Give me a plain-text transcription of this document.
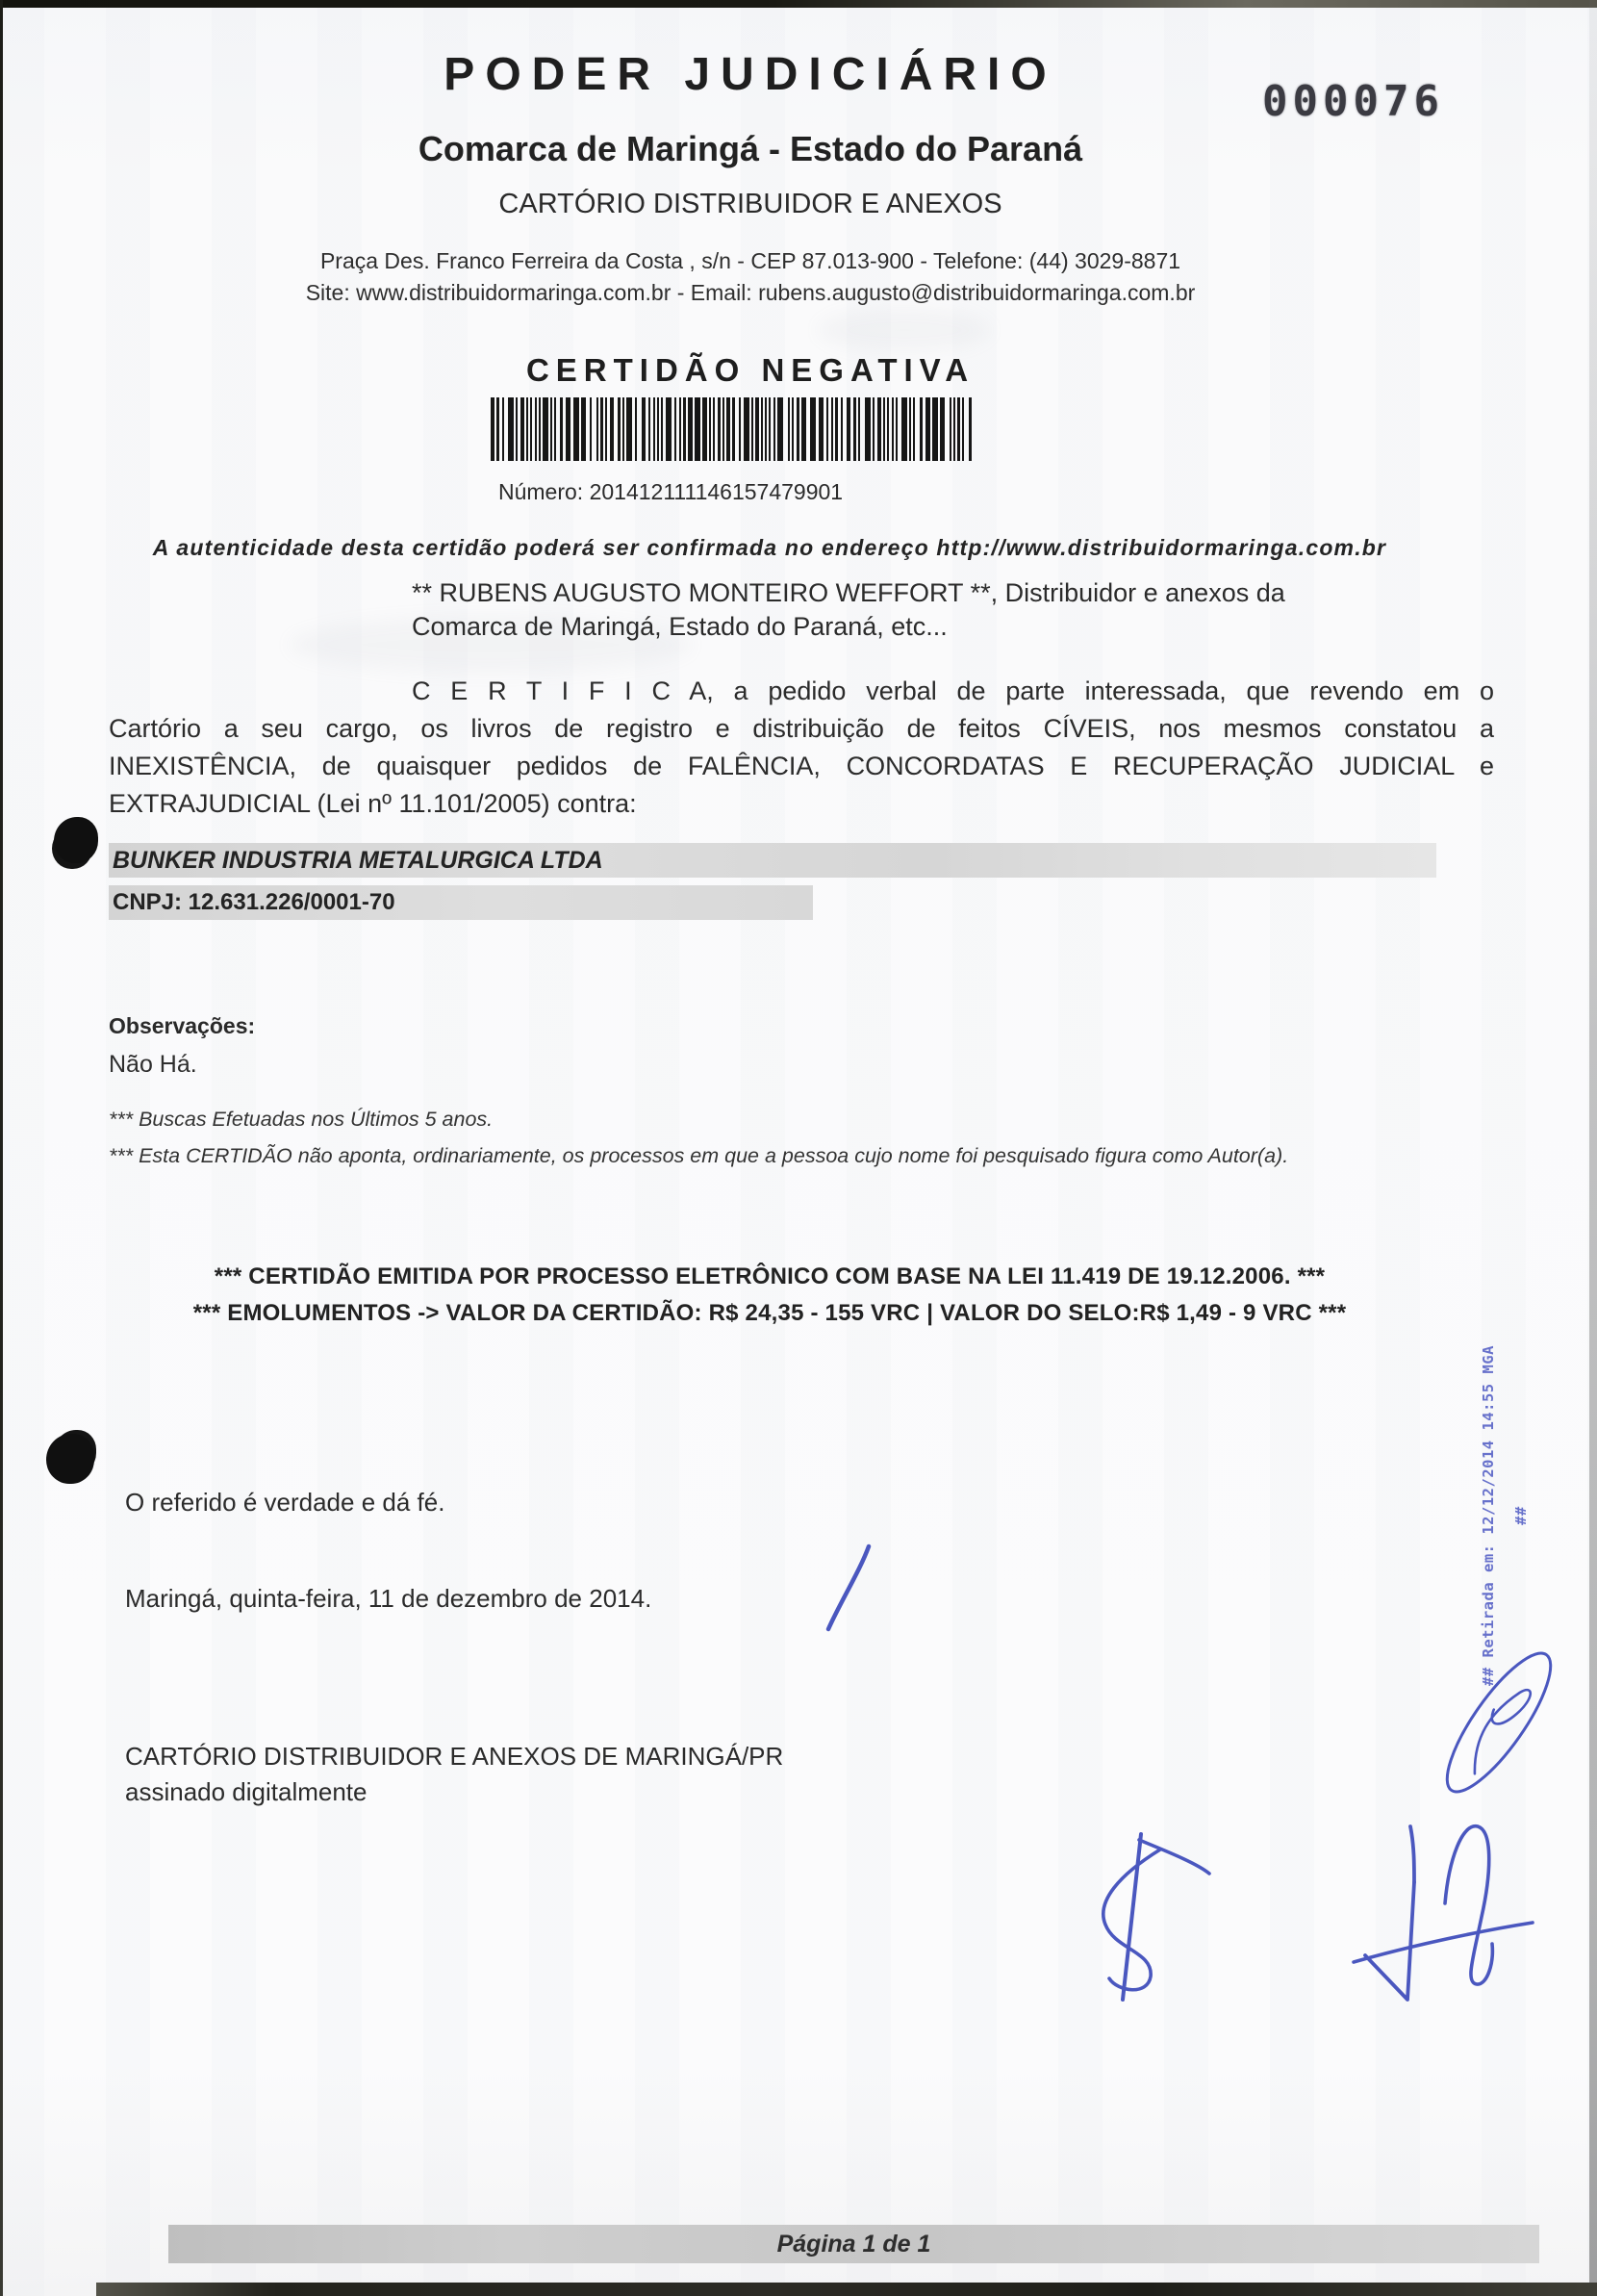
PODER JUDICIÁRIO
Comarca de Maringá - Estado do Paraná
000076
CARTÓRIO DISTRIBUIDOR E ANEXOS
Praça Des. Franco Ferreira da Costa , s/n - CEP 87.013-900 - Telefone: (44) 3029-8871
Site: www.distribuidormaringa.com.br - Email: rubens.augusto@distribuidormaringa.com.br
CERTIDÃO NEGATIVA
Número: 201412111146157479901
A autenticidade desta certidão poderá ser confirmada no endereço http://www.distribuidormaringa.com.br
** RUBENS AUGUSTO MONTEIRO WEFFORT **, Distribuidor e anexos da
Comarca de Maringá, Estado do Paraná, etc...
C E R T I F I C A, a pedido verbal de parte interessada, que revendo em o
Cartório a seu cargo, os livros de registro e distribuição de feitos CÍVEIS, nos mesmos constatou a
INEXISTÊNCIA, de quaisquer pedidos de FALÊNCIA, CONCORDATAS E RECUPERAÇÃO JUDICIAL e
EXTRAJUDICIAL (Lei nº 11.101/2005) contra:
BUNKER INDUSTRIA METALURGICA LTDA
CNPJ: 12.631.226/0001-70
Observações:
Não Há.
*** Buscas Efetuadas nos Últimos 5 anos.
*** Esta CERTIDÃO não aponta, ordinariamente, os processos em que a pessoa cujo nome foi pesquisado figura como Autor(a).
*** CERTIDÃO EMITIDA POR PROCESSO ELETRÔNICO COM BASE NA LEI 11.419 DE 19.12.2006. ***
*** EMOLUMENTOS -> VALOR DA CERTIDÃO: R$ 24,35 - 155 VRC | VALOR DO SELO:R$ 1,49 - 9 VRC ***
## Retirada em: 12/12/2014 14:55 MGA ##
O referido é verdade e dá fé.
Maringá, quinta-feira, 11 de dezembro de 2014.
CARTÓRIO DISTRIBUIDOR E ANEXOS DE MARINGÁ/PR
assinado digitalmente
Página 1 de 1
